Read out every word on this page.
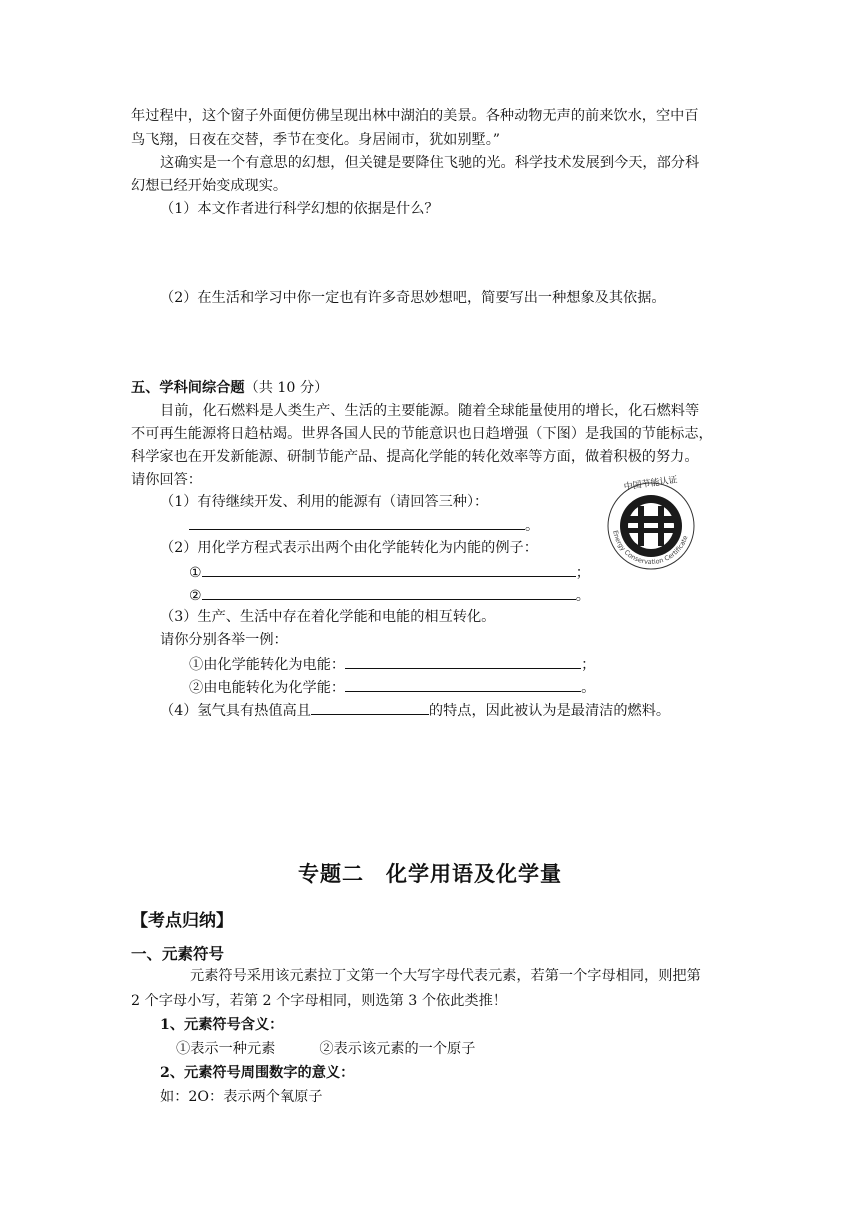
年过程中，这个窗子外面便仿佛呈现出林中湖泊的美景。各种动物无声的前来饮水，空中百
鸟飞翔，日夜在交替，季节在变化。身居闹市，犹如别墅。”
这确实是一个有意思的幻想，但关键是要降住飞驰的光。科学技术发展到今天，部分科
幻想已经开始变成现实。
（1）本文作者进行科学幻想的依据是什么？
（2）在生活和学习中你一定也有许多奇思妙想吧，简要写出一种想象及其依据。
五、学科间综合题（共 10 分）
目前，化石燃料是人类生产、生活的主要能源。随着全球能量使用的增长，化石燃料等
不可再生能源将日趋枯竭。世界各国人民的节能意识也日趋增强（下图）是我国的节能标志，
科学家也在开发新能源、研制节能产品、提高化学能的转化效率等方面，做着积极的努力。
请你回答：
（1）有待继续开发、利用的能源有（请回答三种）：
。
（2）用化学方程式表示出两个由化学能转化为内能的例子：
①	；
②	。
（3）生产、生活中存在着化学能和电能的相互转化。
请你分别各举一例：
①由化学能转化为电能：	；
②由电能转化为化学能：	。
（4）氢气具有热值高且	的特点，因此被认为是最清洁的燃料。
中国节能认证
Energy Conservation Certificate
专题二　化学用语及化学量
【考点归纳】
一、元素符号
元素符号采用该元素拉丁文第一个大写字母代表元素，若第一个字母相同，则把第
2 个字母小写，若第 2 个字母相同，则选第 3 个依此类推！
1、元素符号含义：
①表示一种元素	②表示该元素的一个原子
2、元素符号周围数字的意义：
如：2O：表示两个氧原子
